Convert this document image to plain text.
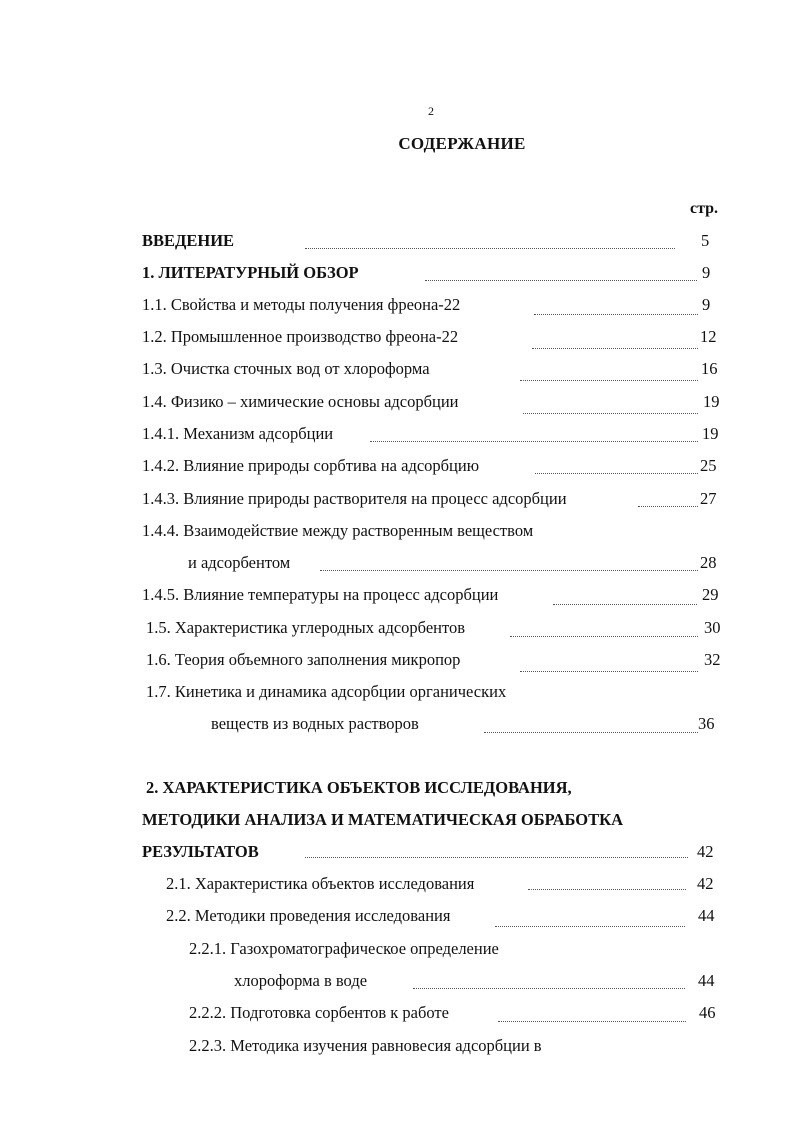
2
СОДЕРЖАНИЕ
стр.
ВВЕДЕНИЕ	5
1. ЛИТЕРАТУРНЫЙ ОБЗОР	9
1.1. Свойства и методы получения фреона-22	9
1.2. Промышленное производство фреона-22	12
1.3. Очистка сточных вод от хлороформа	16
1.4. Физико – химические основы адсорбции	19
1.4.1. Механизм адсорбции	19
1.4.2. Влияние природы сорбтива на адсорбцию	25
1.4.3. Влияние природы растворителя на процесс адсорбции	27
1.4.4. Взаимодействие между растворенным веществом
и адсорбентом	28
1.4.5. Влияние температуры на процесс адсорбции	29
1.5. Характеристика углеродных адсорбентов	30
1.6. Теория объемного заполнения микропор	32
1.7. Кинетика и динамика адсорбции органических
веществ из водных растворов	36
2. ХАРАКТЕРИСТИКА ОБЪЕКТОВ ИССЛЕДОВАНИЯ,
МЕТОДИКИ АНАЛИЗА И МАТЕМАТИЧЕСКАЯ ОБРАБОТКА
РЕЗУЛЬТАТОВ	42
2.1. Характеристика объектов исследования	42
2.2. Методики проведения исследования	44
2.2.1. Газохроматографическое определение
хлороформа в воде	44
2.2.2. Подготовка сорбентов к работе	46
2.2.3. Методика изучения равновесия адсорбции в
